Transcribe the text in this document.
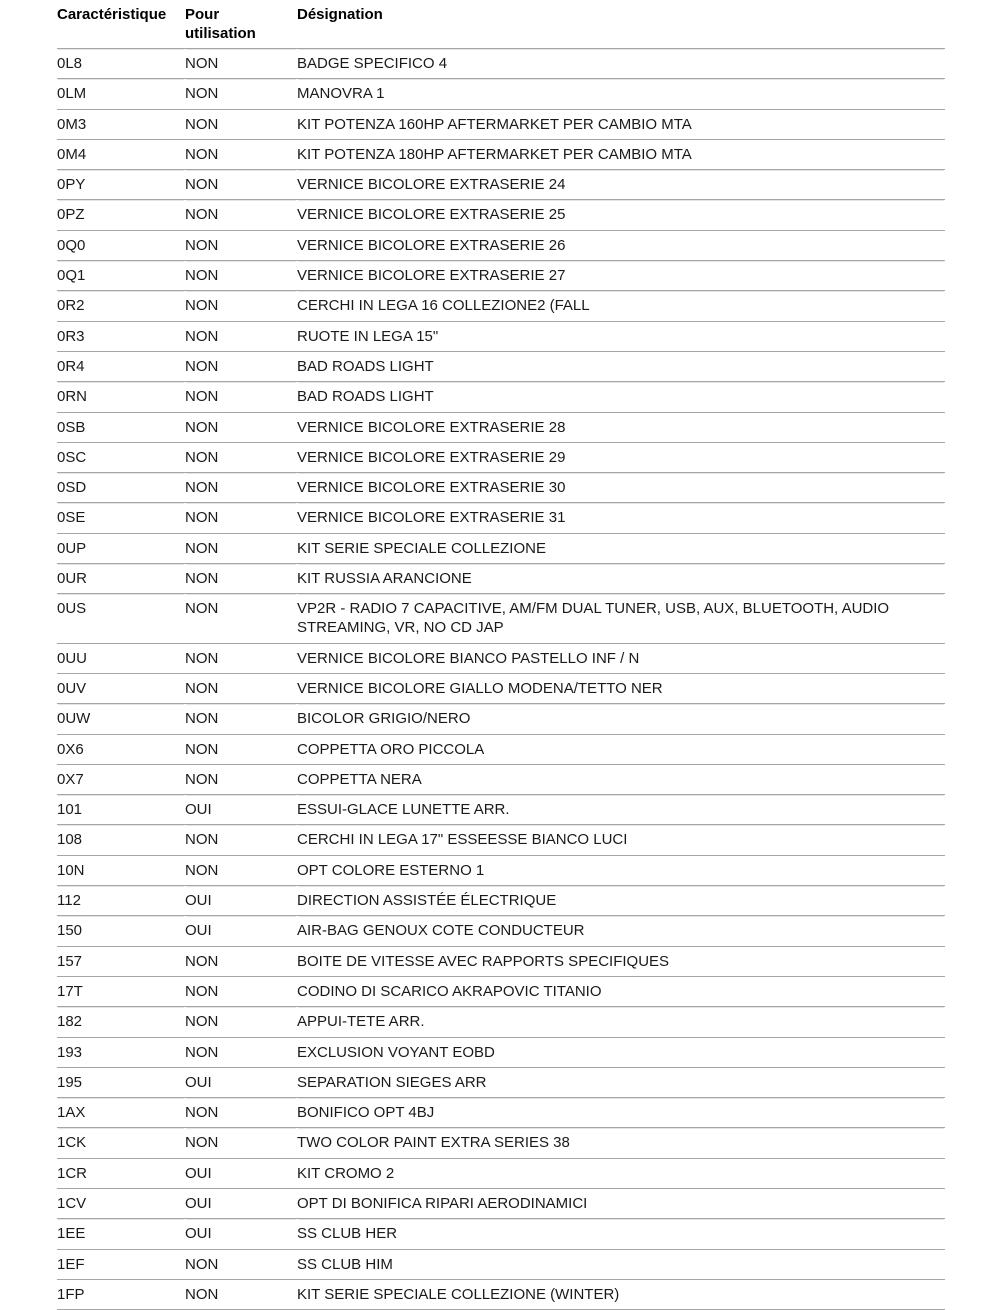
Caractéristique	Pour utilisation	Désignation
0L8	NON	BADGE SPECIFICO 4
0LM	NON	MANOVRA 1
0M3	NON	KIT POTENZA 160HP AFTERMARKET PER CAMBIO MTA
0M4	NON	KIT POTENZA 180HP AFTERMARKET PER CAMBIO MTA
0PY	NON	VERNICE BICOLORE EXTRASERIE 24
0PZ	NON	VERNICE BICOLORE EXTRASERIE 25
0Q0	NON	VERNICE BICOLORE EXTRASERIE 26
0Q1	NON	VERNICE BICOLORE EXTRASERIE 27
0R2	NON	CERCHI IN LEGA 16 COLLEZIONE2 (FALL
0R3	NON	RUOTE IN LEGA 15"
0R4	NON	BAD ROADS LIGHT
0RN	NON	BAD ROADS LIGHT
0SB	NON	VERNICE BICOLORE EXTRASERIE 28
0SC	NON	VERNICE BICOLORE EXTRASERIE 29
0SD	NON	VERNICE BICOLORE EXTRASERIE 30
0SE	NON	VERNICE BICOLORE EXTRASERIE 31
0UP	NON	KIT SERIE SPECIALE COLLEZIONE
0UR	NON	KIT RUSSIA ARANCIONE
0US	NON	VP2R - RADIO 7 CAPACITIVE, AM/FM DUAL TUNER, USB, AUX, BLUETOOTH, AUDIO STREAMING, VR, NO CD JAP
0UU	NON	VERNICE BICOLORE BIANCO PASTELLO INF / N
0UV	NON	VERNICE BICOLORE GIALLO MODENA/TETTO NER
0UW	NON	BICOLOR GRIGIO/NERO
0X6	NON	COPPETTA ORO PICCOLA
0X7	NON	COPPETTA NERA
101	OUI	ESSUI-GLACE LUNETTE ARR.
108	NON	CERCHI IN LEGA 17" ESSEESSE BIANCO LUCI
10N	NON	OPT COLORE ESTERNO 1
112	OUI	DIRECTION ASSISTÉE ÉLECTRIQUE
150	OUI	AIR-BAG GENOUX COTE CONDUCTEUR
157	NON	BOITE DE VITESSE AVEC RAPPORTS SPECIFIQUES
17T	NON	CODINO DI SCARICO AKRAPOVIC TITANIO
182	NON	APPUI-TETE ARR.
193	NON	EXCLUSION VOYANT EOBD
195	OUI	SEPARATION SIEGES ARR
1AX	NON	BONIFICO OPT 4BJ
1CK	NON	TWO COLOR PAINT EXTRA SERIES 38
1CR	OUI	KIT CROMO 2
1CV	OUI	OPT DI BONIFICA RIPARI AERODINAMICI
1EE	OUI	SS CLUB HER
1EF	NON	SS CLUB HIM
1FP	NON	KIT SERIE SPECIALE COLLEZIONE (WINTER)
